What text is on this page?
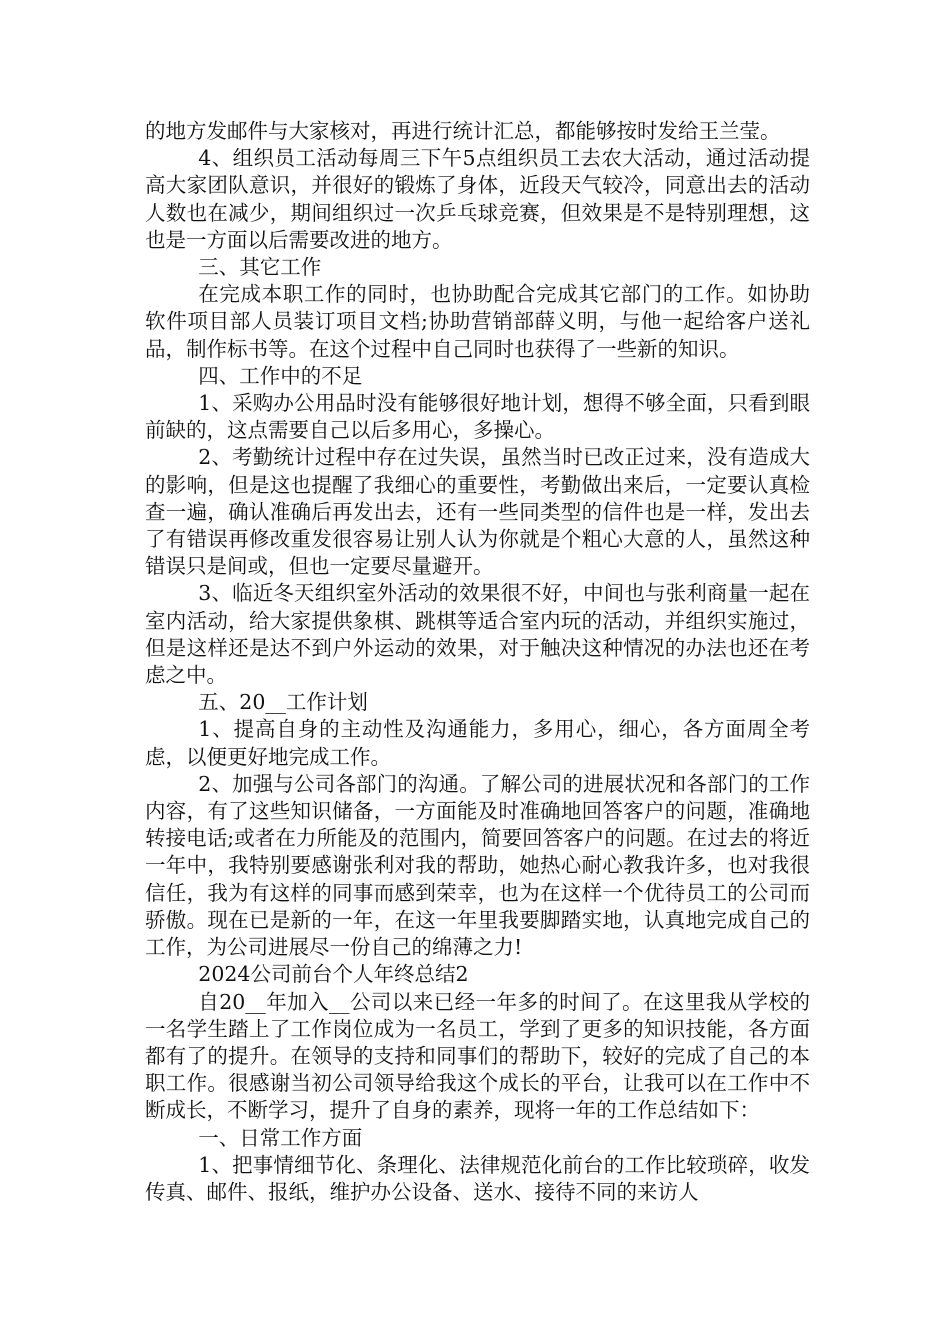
的地方发邮件与大家核对，再进行统计汇总，都能够按时发给王兰莹。

4、组织员工活动每周三下午5点组织员工去农大活动，通过活动提高大家团队意识，并很好的锻炼了身体，近段天气较冷，同意出去的活动人数也在减少，期间组织过一次乒乓球竞赛，但效果是不是特别理想，这也是一方面以后需要改进的地方。

三、其它工作

在完成本职工作的同时，也协助配合完成其它部门的工作。如协助软件项目部人员装订项目文档;协助营销部薛义明，与他一起给客户送礼品，制作标书等。在这个过程中自己同时也获得了一些新的知识。

四、工作中的不足

1、采购办公用品时没有能够很好地计划，想得不够全面，只看到眼前缺的，这点需要自己以后多用心，多操心。

2、考勤统计过程中存在过失误，虽然当时已改正过来，没有造成大的影响，但是这也提醒了我细心的重要性，考勤做出来后，一定要认真检查一遍，确认准确后再发出去，还有一些同类型的信件也是一样，发出去了有错误再修改重发很容易让别人认为你就是个粗心大意的人，虽然这种错误只是间或，但也一定要尽量避开。

3、临近冬天组织室外活动的效果很不好，中间也与张利商量一起在室内活动，给大家提供象棋、跳棋等适合室内玩的活动，并组织实施过，但是这样还是达不到户外运动的效果，对于触决这种情况的办法也还在考虑之中。

五、20__工作计划

1、提高自身的主动性及沟通能力，多用心，细心，各方面周全考虑，以便更好地完成工作。

2、加强与公司各部门的沟通。了解公司的进展状况和各部门的工作内容，有了这些知识储备，一方面能及时准确地回答客户的问题，准确地转接电话;或者在力所能及的范围内，简要回答客户的问题。在过去的将近一年中，我特别要感谢张利对我的帮助，她热心耐心教我许多，也对我很信任，我为有这样的同事而感到荣幸，也为在这样一个优待员工的公司而骄傲。现在已是新的一年，在这一年里我要脚踏实地，认真地完成自己的工作，为公司进展尽一份自己的绵薄之力!

2024公司前台个人年终总结2

自20__年加入__公司以来已经一年多的时间了。在这里我从学校的一名学生踏上了工作岗位成为一名员工，学到了更多的知识技能，各方面都有了的提升。在领导的支持和同事们的帮助下，较好的完成了自己的本职工作。很感谢当初公司领导给我这个成长的平台，让我可以在工作中不断成长，不断学习，提升了自身的素养，现将一年的工作总结如下：

一、日常工作方面

1、把事情细节化、条理化、法律规范化前台的工作比较琐碎，收发传真、邮件、报纸，维护办公设备、送水、接待不同的来访人
